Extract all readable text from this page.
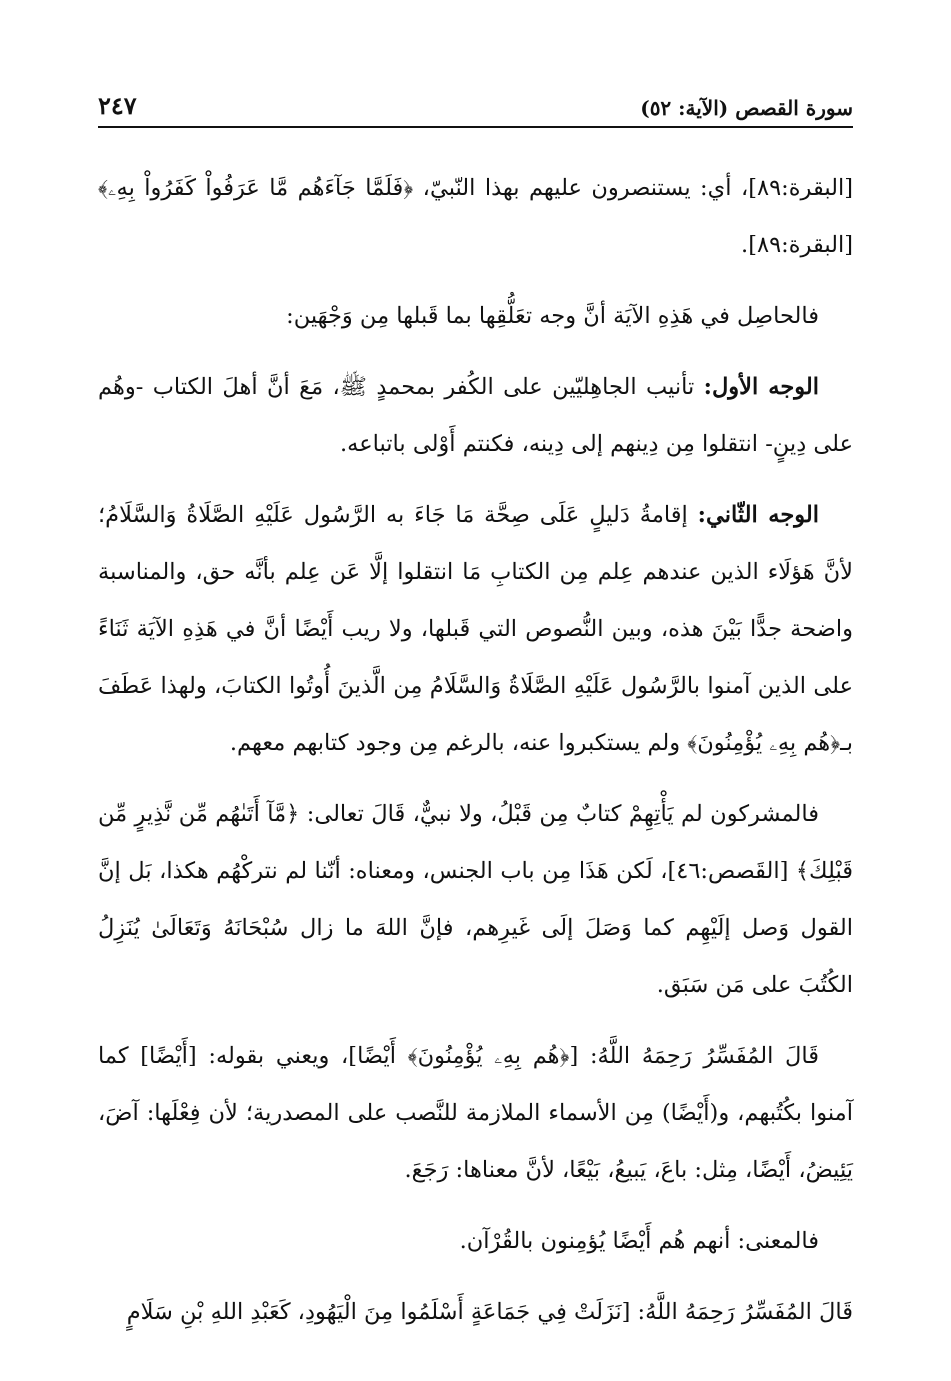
٢٤٧	سورة القصص (الآية: ٥٢)

[البقرة:٨٩]، أي: يستنصرون عليهم بهذا النّبيّ، ﴿فَلَمَّا جَآءَهُم مَّا عَرَفُواْ كَفَرُواْ بِهِۦ﴾ [البقرة:٨٩].

فالحاصِل في هَذِهِ الآيَة أنَّ وجه تعَلُّقِها بما قَبلها مِن وَجْهَين:

الوجه الأول: تأنيب الجاهِليّين على الكُفر بمحمدٍ ﷺ، مَعَ أنَّ أهلَ الكتاب -وهُم على دِينٍ- انتقلوا مِن دِينهم إلى دِينه، فكنتم أَوْلى باتباعه.

الوجه الثّاني: إقامةُ دَليلٍ عَلَى صِحَّة مَا جَاءَ به الرَّسُول عَلَيْهِ الصَّلَاةُ وَالسَّلَامُ؛ لأنَّ هَؤلَاء الذين عندهم عِلم مِن الكتابِ مَا انتقلوا إلَّا عَن عِلم بأنَّه حق، والمناسبة واضحة جدًّا بَيْنَ هذه، وبين النُّصوص التي قَبلها، ولا ريب أَيْضًا أنَّ في هَذِهِ الآيَة ثَنَاءً على الذين آمنوا بالرَّسُول عَلَيْهِ الصَّلَاةُ وَالسَّلَامُ مِن الَّذينَ أُوتُوا الكتابَ، ولهذا عَطَفَ بـ﴿هُم بِهِۦ يُؤْمِنُونَ﴾ ولم يستكبروا عنه، بالرغم مِن وجود كتابهم معهم.

فالمشركون لم يَأْتِهِمْ كتابٌ مِن قَبْلُ، ولا نبيٌّ، قَالَ تعالى: ﴿مَّآ أَتَىٰهُم مِّن نَّذِيرٍ مِّن قَبْلِكَ﴾ [القَصص:٤٦]، لَكن هَذَا مِن باب الجنس، ومعناه: أنّنا لم نتركْهُم هكذا، بَل إنَّ القول وَصل إلَيْهِم كما وَصَلَ إلَى غَيرِهم، فإنَّ اللهَ ما زال سُبْحَانَهُ وَتَعَالَىٰ يُنَزِلُ الكُتُبَ على مَن سَبَق.

قَالَ المُفَسِّرُ رَحِمَهُ اللَّهُ: [﴿هُم بِهِۦ يُؤْمِنُونَ﴾ أَيْضًا]، ويعني بقوله: [أَيْضًا] كما آمنوا بكُتُبهم، و(أَيْضًا) مِن الأسماء الملازمة للنَّصب على المصدرية؛ لأن فِعْلَها: آضَ، يَئِيضُ، أَيْضًا، مِثل: باعَ، يَبيعُ، بَيْعًا، لأنَّ معناها: رَجَعَ.

فالمعنى: أنهم هُم أَيْضًا يُؤمِنون بالقُرْآن.

قَالَ المُفَسِّرُ رَحِمَهُ اللَّهُ: [نَزَلَتْ فِي جَمَاعَةٍ أَسْلَمُوا مِنَ الْيَهُودِ، كَعَبْدِ اللهِ بْنِ سَلَامٍ
